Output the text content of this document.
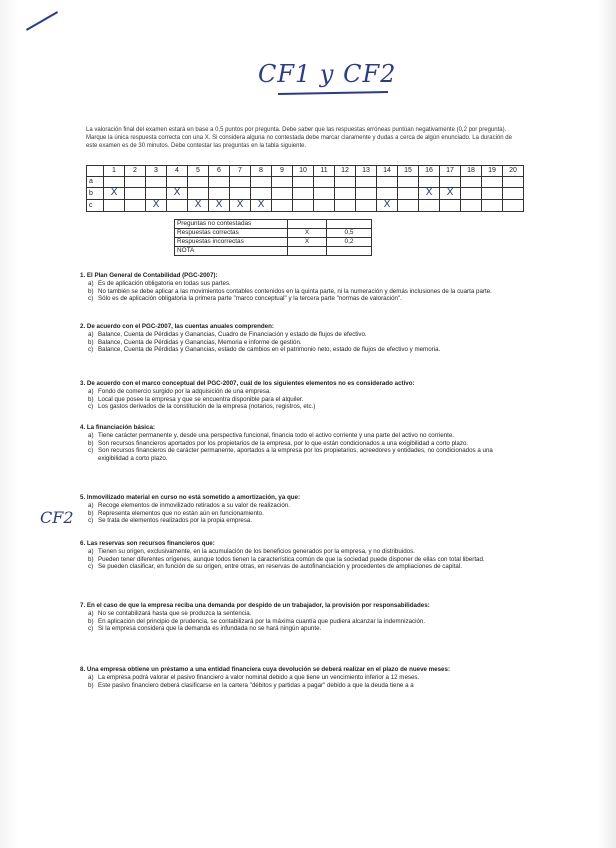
CF1 y CF2
La valoración final del examen estará en base a 0,5 puntos por pregunta. Debe saber que las respuestas erróneas puntúan negativamente (0,2 por pregunta). Marque la única respuesta correcta con una X. Si considera alguna no contestada debe marcar claramente y dudas a cerca de algún enunciado. La duración de este examen es de 30 minutos. Debe contestar las preguntas en la tabla siguiente.
	1	2	3	4	5	6	7	8	9	10	11	12	13	14	15	16	17	18	19	20
a																				
b	X			X												X	X			
c			X		X	X	X	X						X						
Preguntas no contestadas		
Respuestas correctas	X	0,5
Respuestas incorrectas	X	0,2
NOTA		
CF2
1. El Plan General de Contabilidad (PGC-2007):
a) Es de aplicación obligatoria en todas sus partes.
b) No también se debe aplicar a las movimientos contables contenidos en la quinta parte, ni la numeración y demás inclusiones de la cuarta parte.
c) Sólo es de aplicación obligatoria la primera parte "marco conceptual" y la tercera parte "normas de valoración".
2. De acuerdo con el PGC-2007, las cuentas anuales comprenden:
a) Balance, Cuenta de Pérdidas y Ganancias, Cuadro de Financiación y estado de flujos de efectivo.
b) Balance, Cuenta de Pérdidas y Ganancias, Memoria e informe de gestión.
c) Balance, Cuenta de Pérdidas y Ganancias, estado de cambios en el patrimonio neto, estado de flujos de efectivo y memoria.
3. De acuerdo con el marco conceptual del PGC-2007, cuál de los siguientes elementos no es considerado activo:
a) Fondo de comercio surgido por la adquisición de una empresa.
b) Local que posee la empresa y que se encuentra disponible para el alquiler.
c) Los gastos derivados de la constitución de la empresa (notarios, registros, etc.)
4. La financiación básica:
a) Tiene carácter permanente y, desde una perspectiva funcional, financia todo el activo corriente y una parte del activo no corriente.
b) Son recursos financieros aportados por los propietarios de la empresa, por lo que están condicionados a una exigibilidad a corto plazo.
c) Son recursos financieros de carácter permanente, aportados a la empresa por los propietarios, acreedores y entidades, no condicionados a una exigibilidad a corto plazo.
5. Inmovilizado material en curso no está sometido a amortización, ya que:
a) Recoge elementos de inmovilizado retirados a su valor de realización.
b) Representa elementos que no están aún en funcionamiento.
c) Se trata de elementos realizados por la propia empresa.
6. Las reservas son recursos financieros que:
a) Tienen su origen, exclusivamente, en la acumulación de los beneficios generados por la empresa, y no distribuidos.
b) Pueden tener diferentes orígenes, aunque todos tienen la característica común de que la sociedad puede disponer de ellas con total libertad.
c) Se pueden clasificar, en función de su origen, entre otras, en reservas de autofinanciación y procedentes de ampliaciones de capital.
7. En el caso de que la empresa reciba una demanda por despido de un trabajador, la provisión por responsabilidades:
a) No se contabilizará hasta que se produzca la sentencia.
b) En aplicación del principio de prudencia, se contabilizará por la máxima cuantía que pudiera alcanzar la indemnización.
c) Si la empresa considera que la demanda es infundada no se hará ningún apunte.
8. Una empresa obtiene un préstamo a una entidad financiera cuya devolución se deberá realizar en el plazo de nueve meses:
a) La empresa podrá valorar el pasivo financiero a valor nominal debido a que tiene un vencimiento inferior a 12 meses.
b) Este pasivo financiero deberá clasificarse en la cartera "débitos y partidas a pagar" debido a que la deuda tiene a a
